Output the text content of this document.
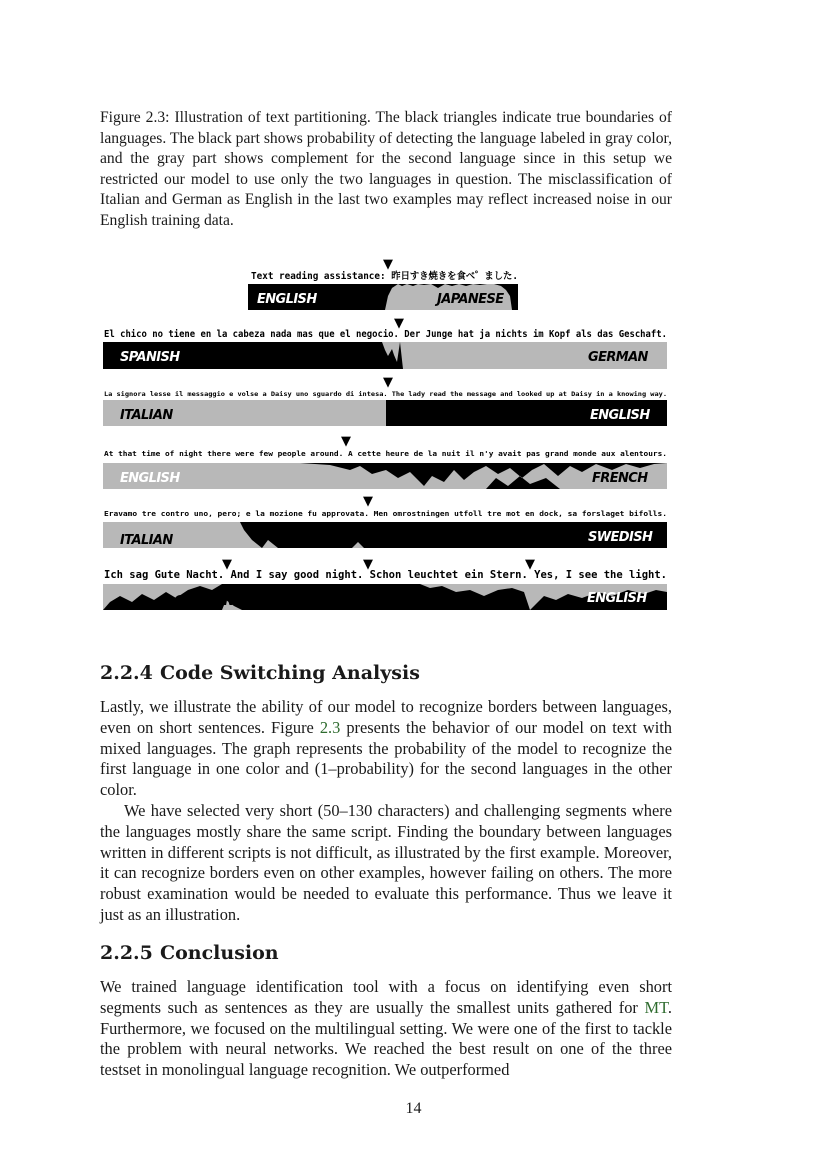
Figure 2.3: Illustration of text partitioning. The black triangles indicate true boundaries of languages. The black part shows probability of detecting the language labeled in gray color, and the gray part shows complement for the second language since in this setup we restricted our model to use only the two languages in question. The misclassification of Italian and German as English in the last two examples may reflect increased noise in our English training data.
▼
Text reading assistance: 昨日すき焼きを食べ゜ました.
ENGLISH	JAPANESE
▼
El chico no tiene en la cabeza nada mas que el negocio. Der Junge hat ja nichts im Kopf als das Geschaft.
SPANISH	GERMAN
▼
La signora lesse il messaggio e volse a Daisy uno sguardo di intesa. The lady read the message and looked up at Daisy in a knowing way.
ITALIAN	ENGLISH
▼
At that time of night there were few people around. A cette heure de la nuit il n'y avait pas grand monde aux alentours.
ENGLISH	FRENCH
▼
Eravamo tre contro uno, pero; e la mozione fu approvata. Men omrostningen utfoll tre mot en dock, sa forslaget bifolls.
ITALIAN	SWEDISH
▼	▼	▼
Ich sag Gute Nacht. And I say good night. Schon leuchtet ein Stern. Yes, I see the light.
GERMAN	ENGLISH
2.2.4 Code Switching Analysis

Lastly, we illustrate the ability of our model to recognize borders between languages, even on short sentences. Figure 2.3 presents the behavior of our model on text with mixed languages. The graph represents the probability of the model to recognize the first language in one color and (1–probability) for the second languages in the other color.

We have selected very short (50–130 characters) and challenging segments where the languages mostly share the same script. Finding the boundary between languages written in different scripts is not difficult, as illustrated by the first example. Moreover, it can recognize borders even on other examples, however failing on others. The more robust examination would be needed to evaluate this performance. Thus we leave it just as an illustration.

2.2.5 Conclusion

We trained language identification tool with a focus on identifying even short segments such as sentences as they are usually the smallest units gathered for MT. Furthermore, we focused on the multilingual setting. We were one of the first to tackle the problem with neural networks. We reached the best result on one of the three testset in monolingual language recognition. We outperformed

14
